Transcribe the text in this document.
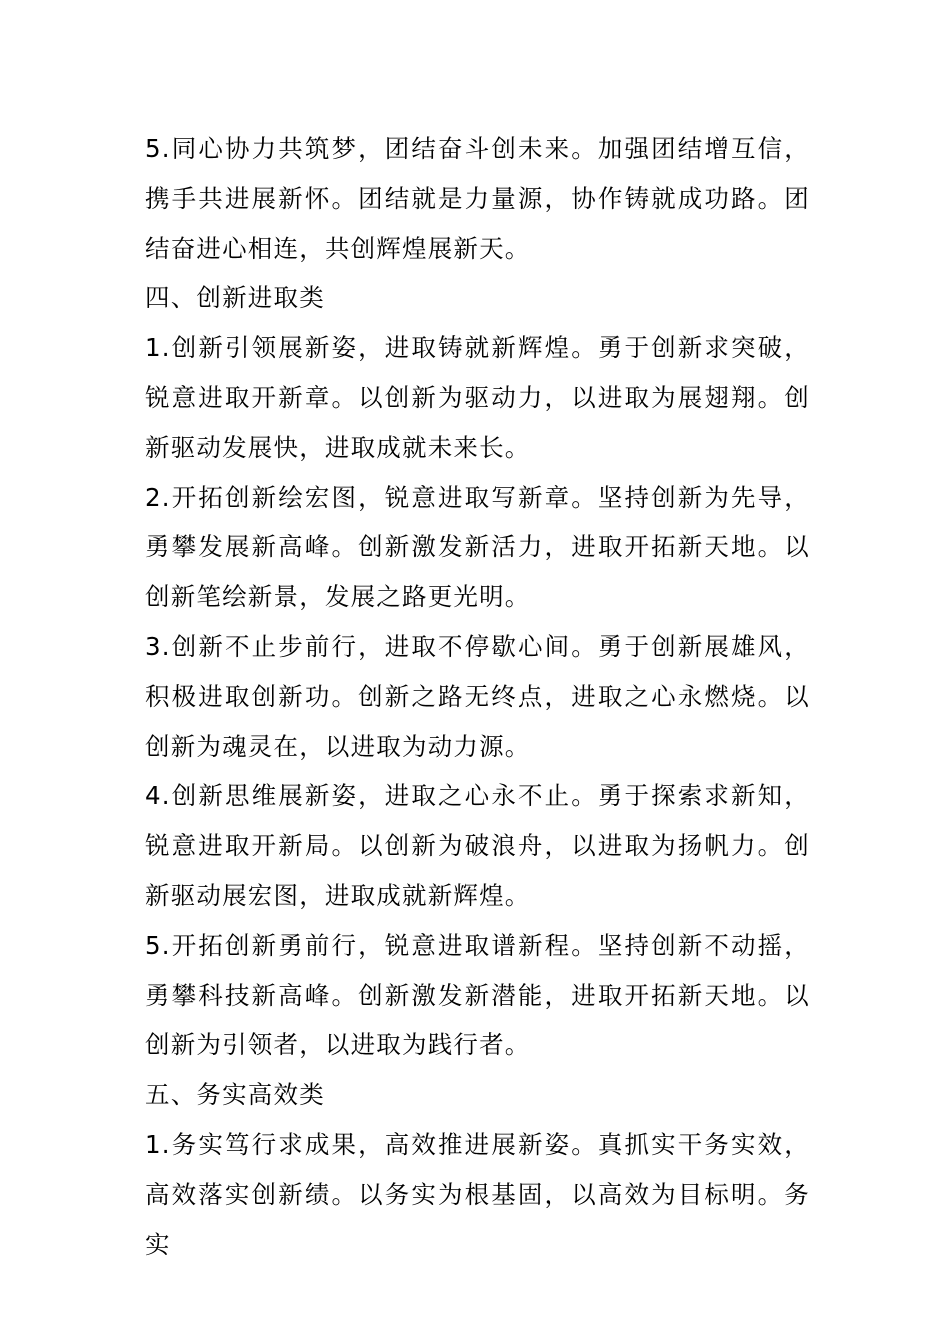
5.同心协力共筑梦，团结奋斗创未来。加强团结增互信，携手共进展新怀。团结就是力量源，协作铸就成功路。团结奋进心相连，共创辉煌展新天。

四、创新进取类

1.创新引领展新姿，进取铸就新辉煌。勇于创新求突破，锐意进取开新章。以创新为驱动力，以进取为展翅翔。创新驱动发展快，进取成就未来长。

2.开拓创新绘宏图，锐意进取写新章。坚持创新为先导，勇攀发展新高峰。创新激发新活力，进取开拓新天地。以创新笔绘新景，发展之路更光明。

3.创新不止步前行，进取不停歇心间。勇于创新展雄风，积极进取创新功。创新之路无终点，进取之心永燃烧。以创新为魂灵在，以进取为动力源。

4.创新思维展新姿，进取之心永不止。勇于探索求新知，锐意进取开新局。以创新为破浪舟，以进取为扬帆力。创新驱动展宏图，进取成就新辉煌。

5.开拓创新勇前行，锐意进取谱新程。坚持创新不动摇，勇攀科技新高峰。创新激发新潜能，进取开拓新天地。以创新为引领者，以进取为践行者。

五、务实高效类

1.务实笃行求成果，高效推进展新姿。真抓实干务实效，高效落实创新绩。以务实为根基固，以高效为目标明。务实
